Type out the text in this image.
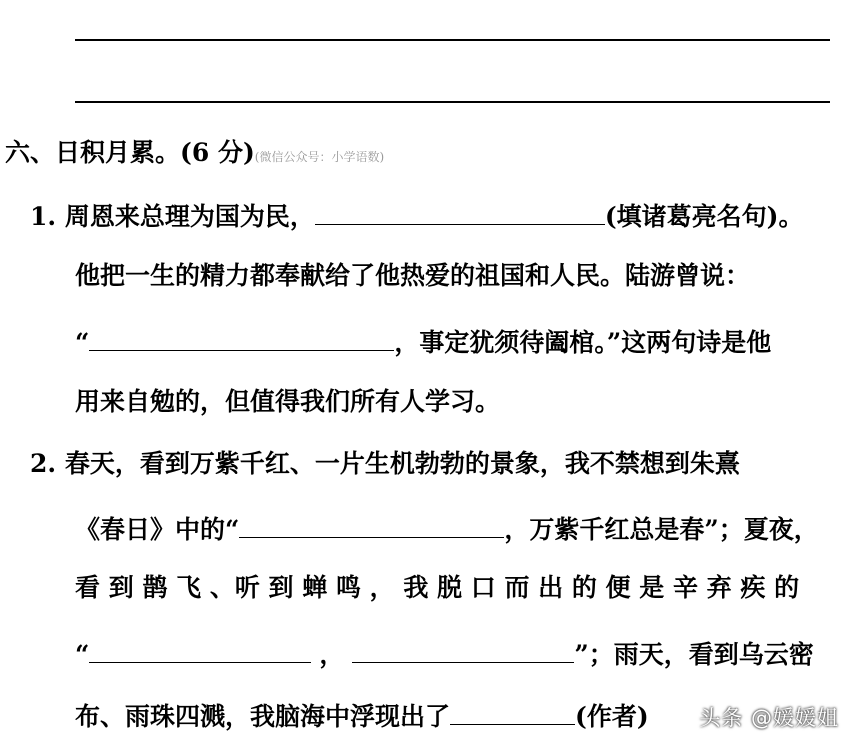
六、日积月累。(6 分)(微信公众号：小学语数)
1. 周恩来总理为国为民，	(填诸葛亮名句)。
他把一生的精力都奉献给了他热爱的祖国和人民。陆游曾说：
“	，事定犹须待阖棺。”这两句诗是他
用来自勉的，但值得我们所有人学习。
2. 春天，看到万紫千红、一片生机勃勃的景象，我不禁想到朱熹
《春日》中的“	，万紫千红总是春”；夏夜，
看 到 鹊 飞 、听 到 蝉 鸣 ， 我 脱 口 而 出 的 便 是 辛 弃 疾 的
“	，	”；雨天，看到乌云密
布、雨珠四溅，我脑海中浮现出了	(作者) 头条 @媛媛姐
